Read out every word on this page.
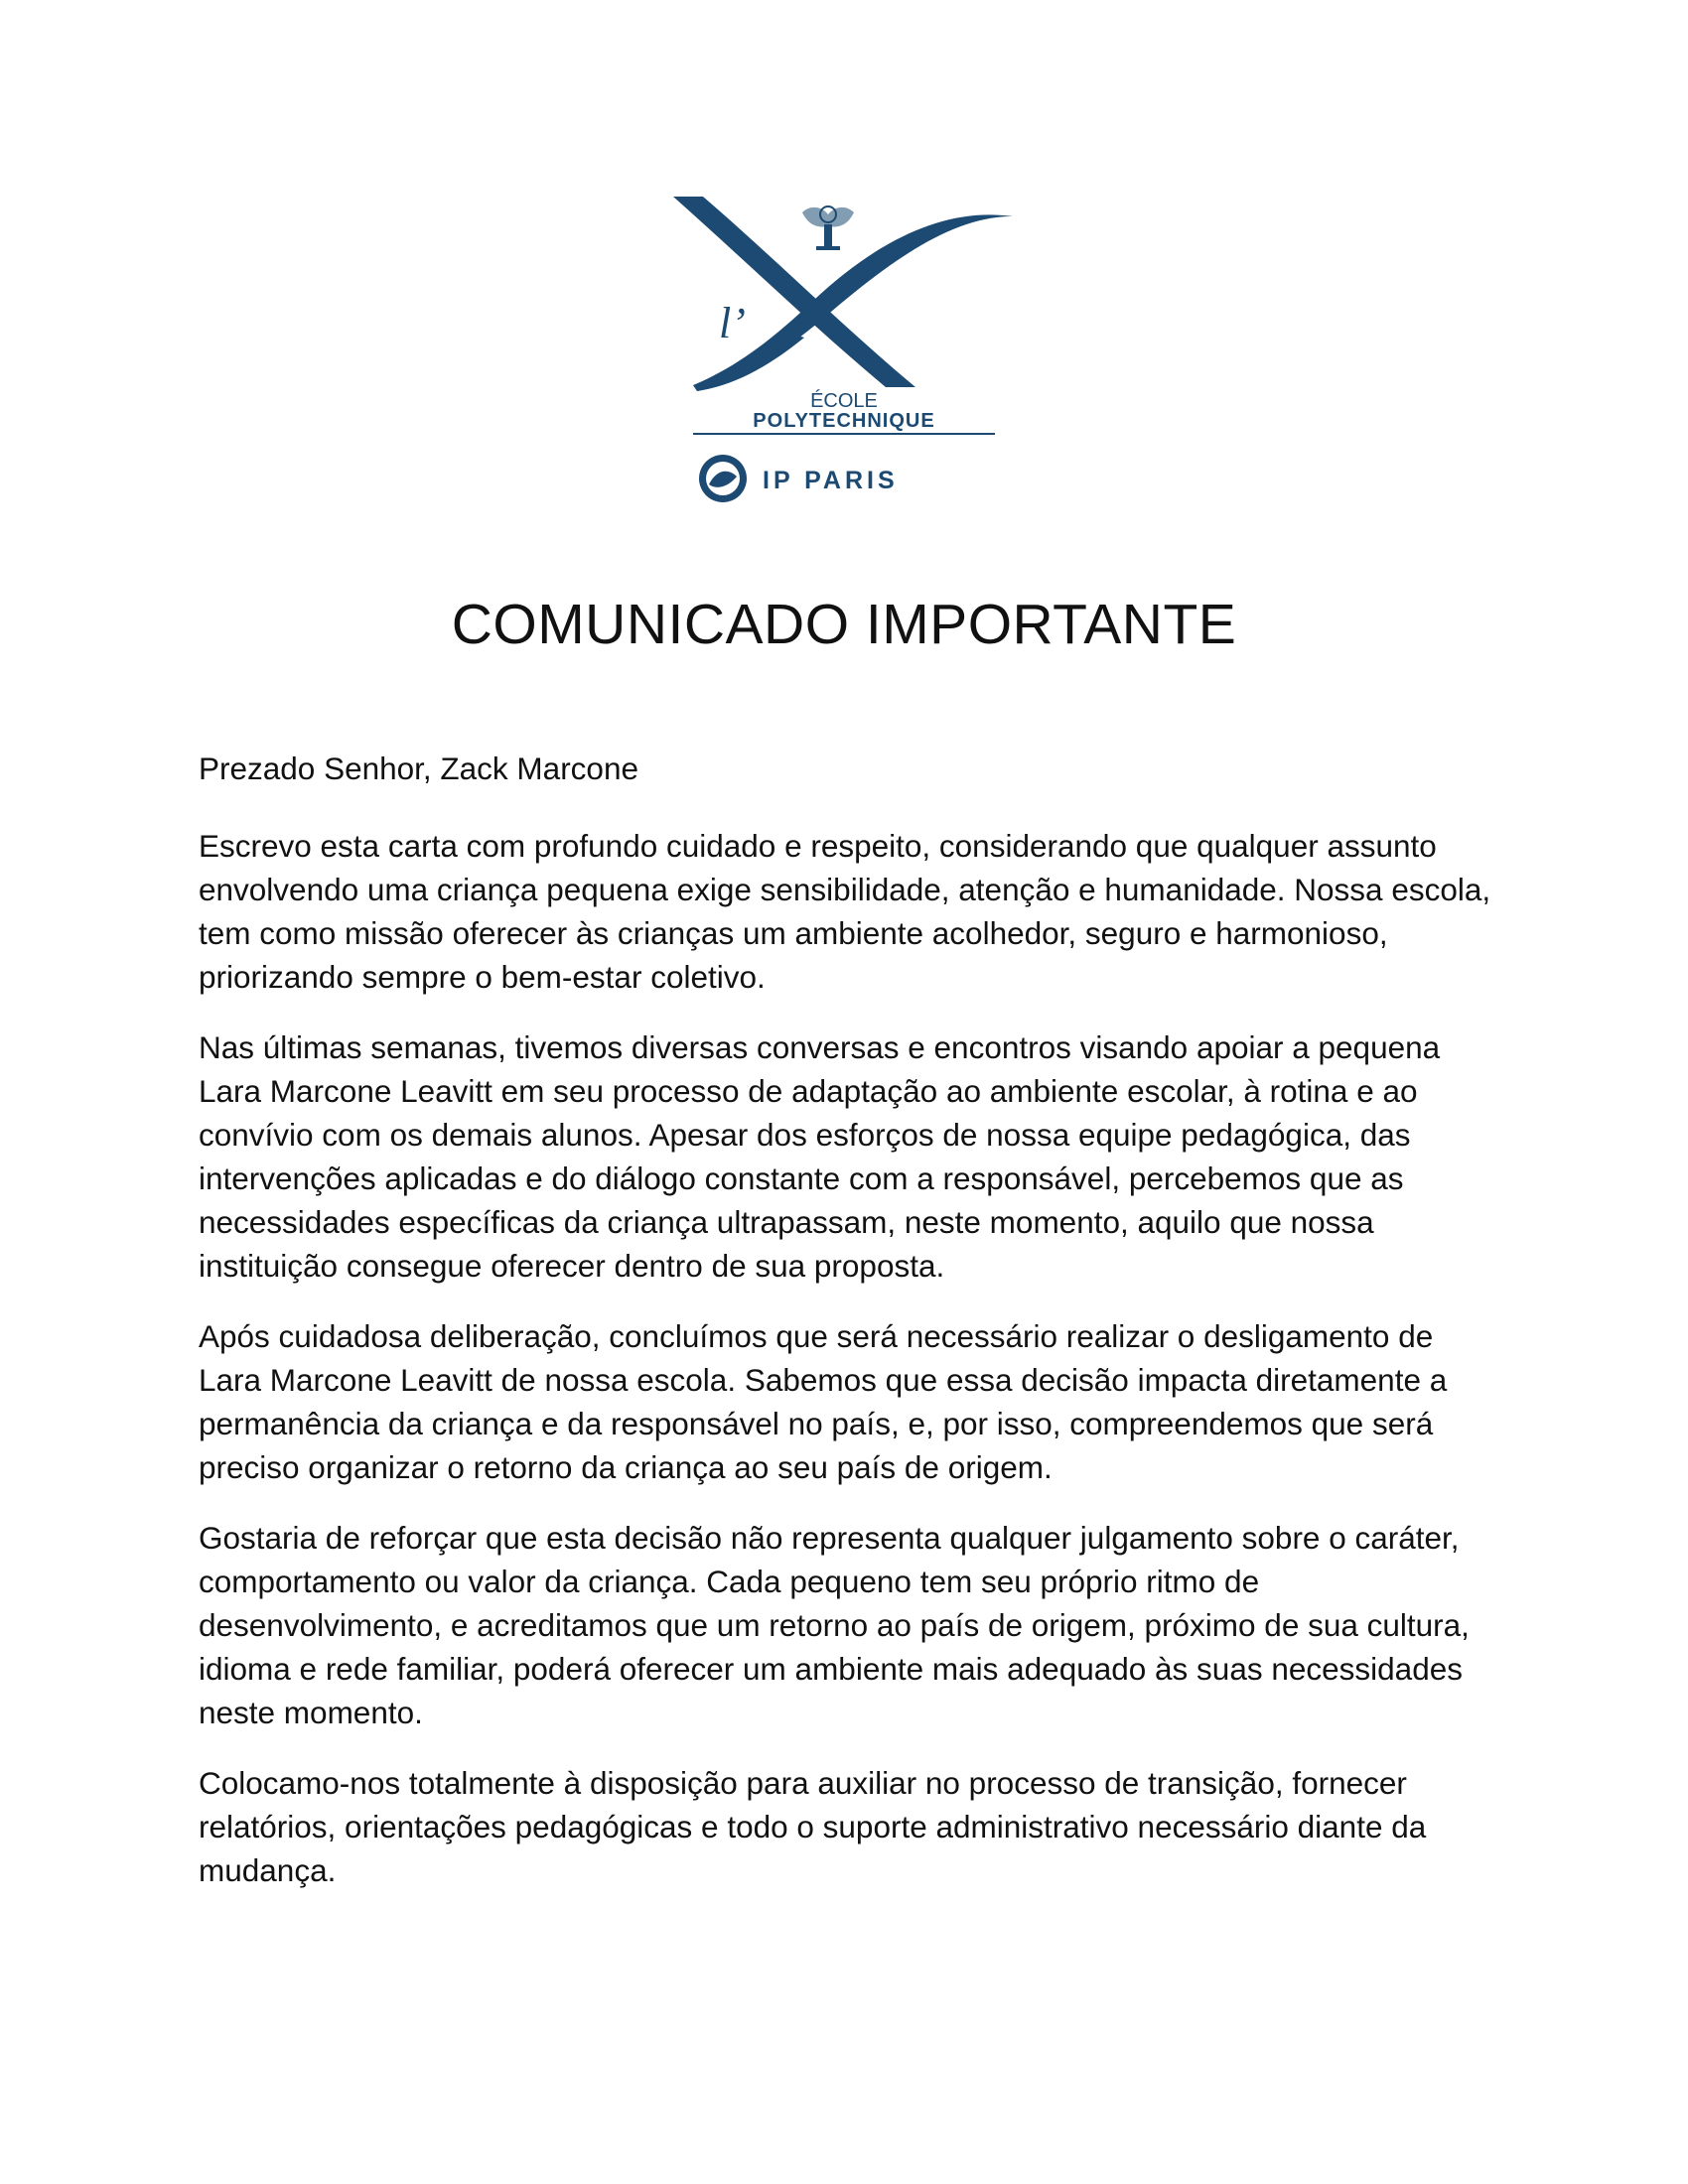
l’
ÉCOLE
POLYTECHNIQUE
IP PARIS
COMUNICADO IMPORTANTE

Prezado Senhor, Zack Marcone

Escrevo esta carta com profundo cuidado e respeito, considerando que qualquer assunto envolvendo uma criança pequena exige sensibilidade, atenção e humanidade. Nossa escola, tem como missão oferecer às crianças um ambiente acolhedor, seguro e harmonioso, priorizando sempre o bem-estar coletivo.

Nas últimas semanas, tivemos diversas conversas e encontros visando apoiar a pequena Lara Marcone Leavitt em seu processo de adaptação ao ambiente escolar, à rotina e ao convívio com os demais alunos. Apesar dos esforços de nossa equipe pedagógica, das intervenções aplicadas e do diálogo constante com a responsável, percebemos que as necessidades específicas da criança ultrapassam, neste momento, aquilo que nossa instituição consegue oferecer dentro de sua proposta.

Após cuidadosa deliberação, concluímos que será necessário realizar o desligamento de Lara Marcone Leavitt de nossa escola. Sabemos que essa decisão impacta diretamente a permanência da criança e da responsável no país, e, por isso, compreendemos que será preciso organizar o retorno da criança ao seu país de origem.

Gostaria de reforçar que esta decisão não representa qualquer julgamento sobre o caráter, comportamento ou valor da criança. Cada pequeno tem seu próprio ritmo de desenvolvimento, e acreditamos que um retorno ao país de origem, próximo de sua cultura, idioma e rede familiar, poderá oferecer um ambiente mais adequado às suas necessidades neste momento.

Colocamo-nos totalmente à disposição para auxiliar no processo de transição, fornecer relatórios, orientações pedagógicas e todo o suporte administrativo necessário diante da mudança.
